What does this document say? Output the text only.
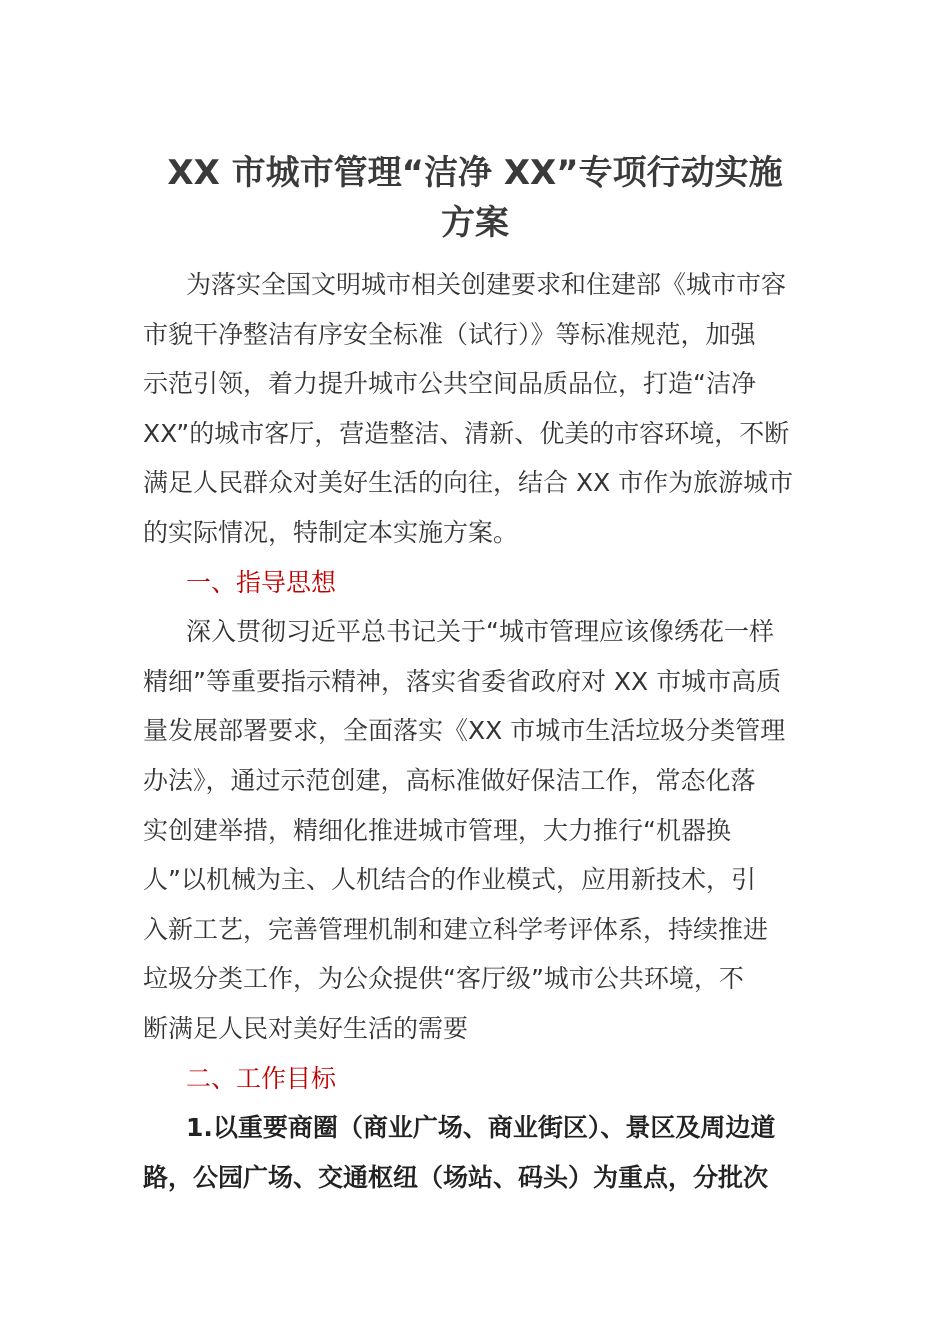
XX 市城市管理“洁净 XX”专项行动实施
方案
为落实全国文明城市相关创建要求和住建部《城市市容
市貌干净整洁有序安全标准（试行）》等标准规范，加强
示范引领，着力提升城市公共空间品质品位，打造“洁净
XX”的城市客厅，营造整洁、清新、优美的市容环境，不断
满足人民群众对美好生活的向往，结合 XX 市作为旅游城市
的实际情况，特制定本实施方案。
一、指导思想
深入贯彻习近平总书记关于“城市管理应该像绣花一样
精细”等重要指示精神，落实省委省政府对 XX 市城市高质
量发展部署要求，全面落实《XX 市城市生活垃圾分类管理
办法》，通过示范创建，高标准做好保洁工作，常态化落
实创建举措，精细化推进城市管理，大力推行“机器换
人”以机械为主、人机结合的作业模式，应用新技术，引
入新工艺，完善管理机制和建立科学考评体系，持续推进
垃圾分类工作，为公众提供“客厅级”城市公共环境，不
断满足人民对美好生活的需要
二、工作目标
1.以重要商圈（商业广场、商业街区）、景区及周边道
路，公园广场、交通枢纽（场站、码头）为重点，分批次
